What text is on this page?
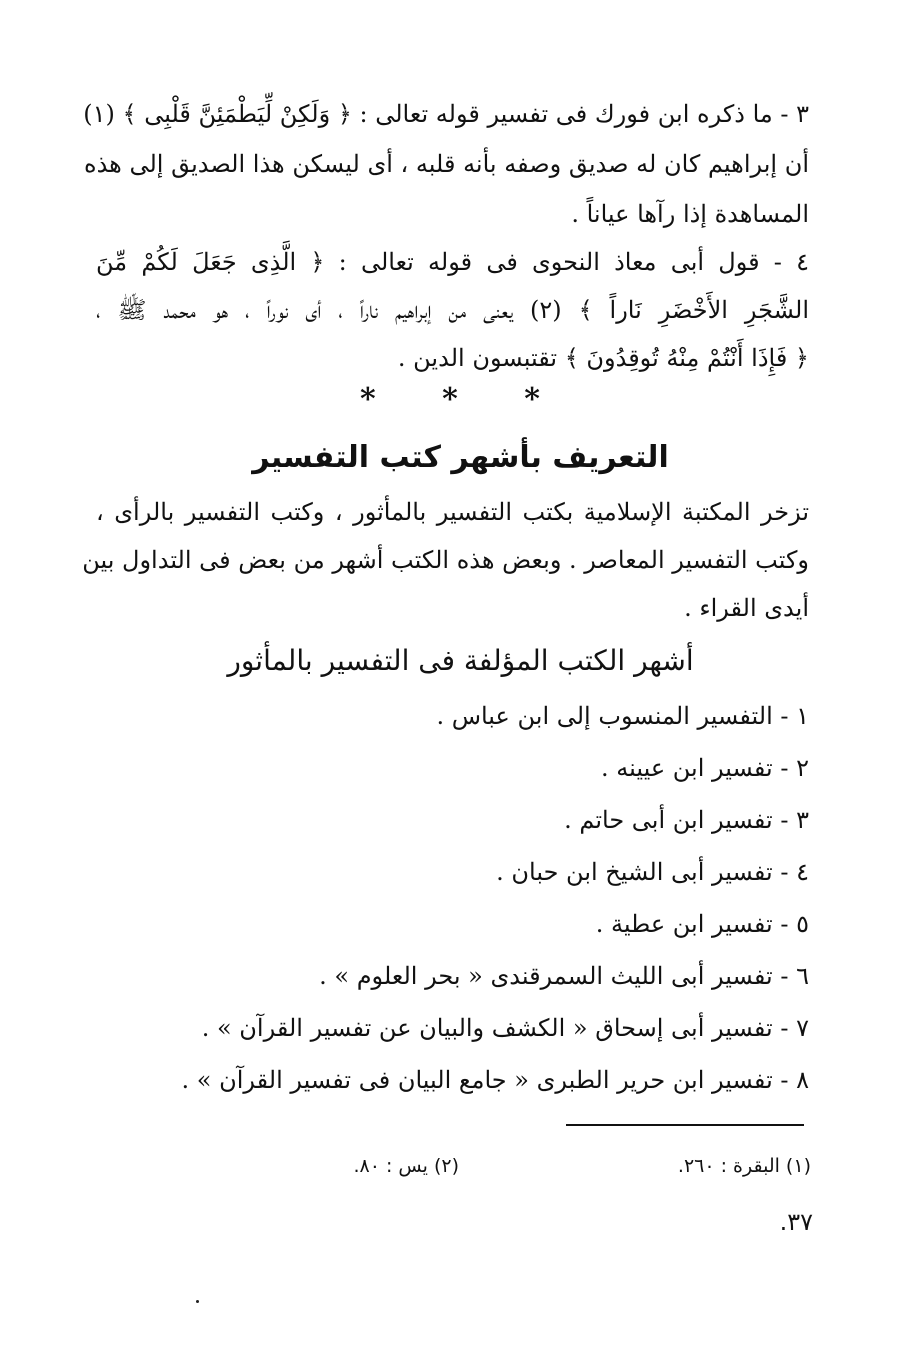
٣ - ما ذكره ابن فورك فى تفسير قوله تعالى : ﴿ وَلَكِنْ لِّيَطْمَئِنَّ قَلْبِى ﴾ (١)
أن إبراهيم كان له صديق وصفه بأنه قلبه ، أى ليسكن هذا الصديق إلى هذه
المساهدة إذا رآها عياناً .
٤ - قول أبى معاذ النحوى فى قوله تعالى : ﴿ الَّذِى جَعَلَ لَكُمْ مِّنَ
الشَّجَرِ الأَخْضَرِ نَاراً ﴾ (٢) يعنى من إبراهيم ناراً ، أى نوراً ، هو محمد ﷺ ،
﴿ فَإِذَا أَنْتُمْ مِنْهُ تُوقِدُونَ ﴾ تقتبسون الدين .
* * *
التعريف بأشهر كتب التفسير
تزخر المكتبة الإسلامية بكتب التفسير بالمأثور ، وكتب التفسير بالرأى ،
وكتب التفسير المعاصر . وبعض هذه الكتب أشهر من بعض فى التداول بين
أيدى القراء .
أشهر الكتب المؤلفة فى التفسير بالمأثور
١ - التفسير المنسوب إلى ابن عباس .
٢ - تفسير ابن عيينه .
٣ - تفسير ابن أبى حاتم .
٤ - تفسير أبى الشيخ ابن حبان .
٥ - تفسير ابن عطية .
٦ - تفسير أبى الليث السمرقندى « بحر العلوم » .
٧ - تفسير أبى إسحاق « الكشف والبيان عن تفسير القرآن » .
٨ - تفسير ابن حرير الطبرى « جامع البيان فى تفسير القرآن » .
(١) البقرة : ٢٦٠.
(٢) يس : ٨٠.
٣٧.
